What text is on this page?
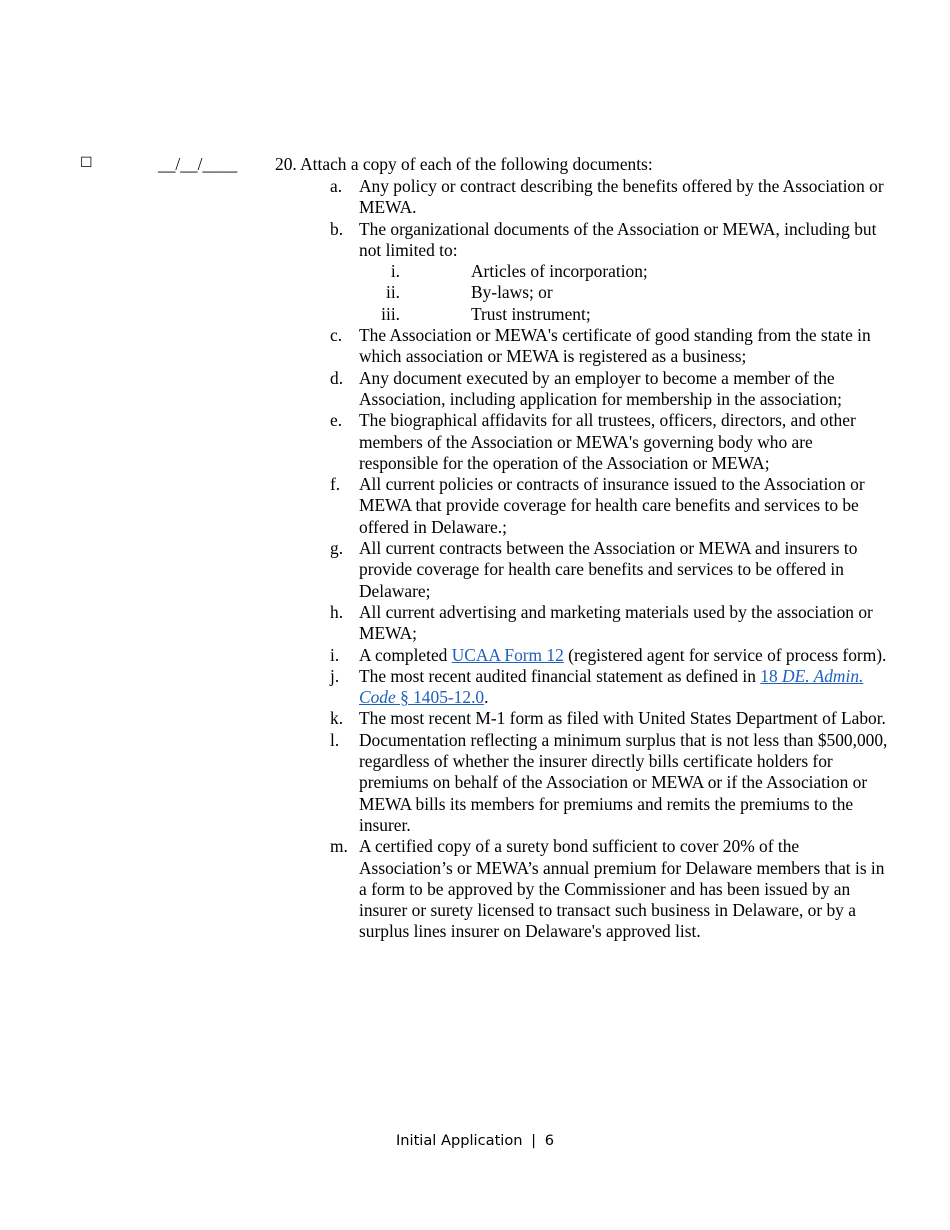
☐	__/__/____ 20. Attach a copy of each of the following documents:
a. Any policy or contract describing the benefits offered by the Association or MEWA.
b. The organizational documents of the Association or MEWA, including but not limited to:
i.	Articles of incorporation;
ii.	By-laws; or
iii.	Trust instrument;
c. The Association or MEWA's certificate of good standing from the state in which association or MEWA is registered as a business;
d. Any document executed by an employer to become a member of the Association, including application for membership in the association;
e. The biographical affidavits for all trustees, officers, directors, and other members of the Association or MEWA's governing body who are responsible for the operation of the Association or MEWA;
f.	All current policies or contracts of insurance issued to the Association or MEWA that provide coverage for health care benefits and services to be offered in Delaware.;
g. All current contracts between the Association or MEWA and insurers to provide coverage for health care benefits and services to be offered in Delaware;
h. All current advertising and marketing materials used by the association or MEWA;
i.	A completed UCAA Form 12 (registered agent for service of process form).
j.	The most recent audited financial statement as defined in 18 DE. Admin. Code § 1405-12.0.
k. The most recent M-1 form as filed with United States Department of Labor.
l.	Documentation reflecting a minimum surplus that is not less than $500,000, regardless of whether the insurer directly bills certificate holders for premiums on behalf of the Association or MEWA or if the Association or MEWA bills its members for premiums and remits the premiums to the insurer.
m. A certified copy of a surety bond sufficient to cover 20% of the Association’s or MEWA’s annual premium for Delaware members that is in a form to be approved by the Commissioner and has been issued by an insurer or surety licensed to transact such business in Delaware, or by a surplus lines insurer on Delaware's approved list.
Initial Application | 6
